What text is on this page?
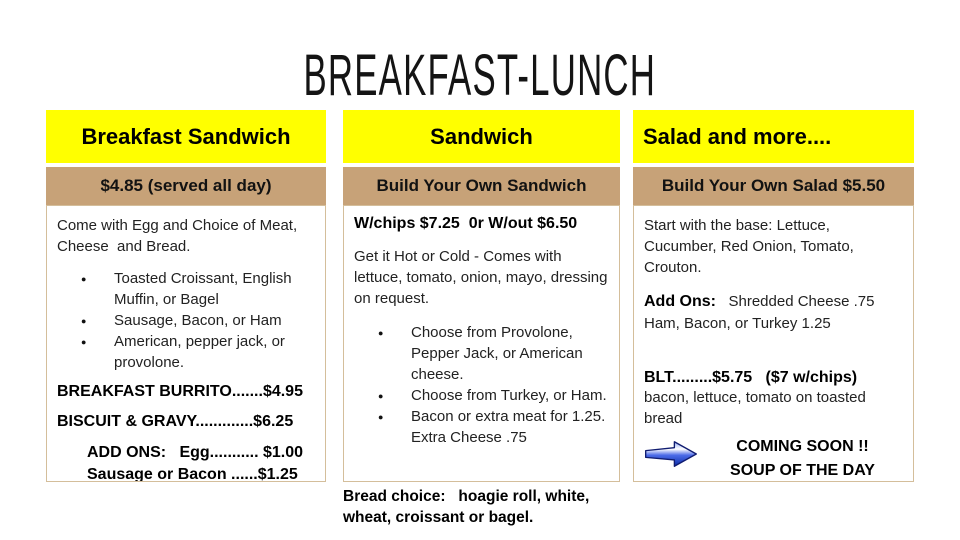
BREAKFAST-LUNCH
Breakfast Sandwich
$4.85 (served all day)

Come with Egg and Choice of Meat, Cheese  and Bread.

● Toasted Croissant, English Muffin, or Bagel
● Sausage, Bacon, or Ham
● American, pepper jack, or provolone.

BREAKFAST BURRITO.......$4.95

BISCUIT & GRAVY.............$6.25

ADD ONS:   Egg........... $1.00
Sausage or Bacon ......$1.25
Sandwich
Build Your Own Sandwich

W/chips $7.25  0r W/out $6.50

Get it Hot or Cold - Comes with lettuce, tomato, onion, mayo, dressing on request.

● Choose from Provolone, Pepper Jack, or American cheese.
● Choose from Turkey, or Ham.
● Bacon or extra meat for 1.25. Extra Cheese .75

Bread choice:   hoagie roll, white, wheat, croissant or bagel.

Salad and more....
Build Your Own Salad $5.50

Start with the base: Lettuce, Cucumber, Red Onion, Tomato, Crouton.

Add Ons:   Shredded Cheese .75
Ham, Bacon, or Turkey 1.25

BLT.........$5.75   ($7 w/chips)

bacon, lettuce, tomato on toasted bread

COMING SOON !!
SOUP OF THE DAY
